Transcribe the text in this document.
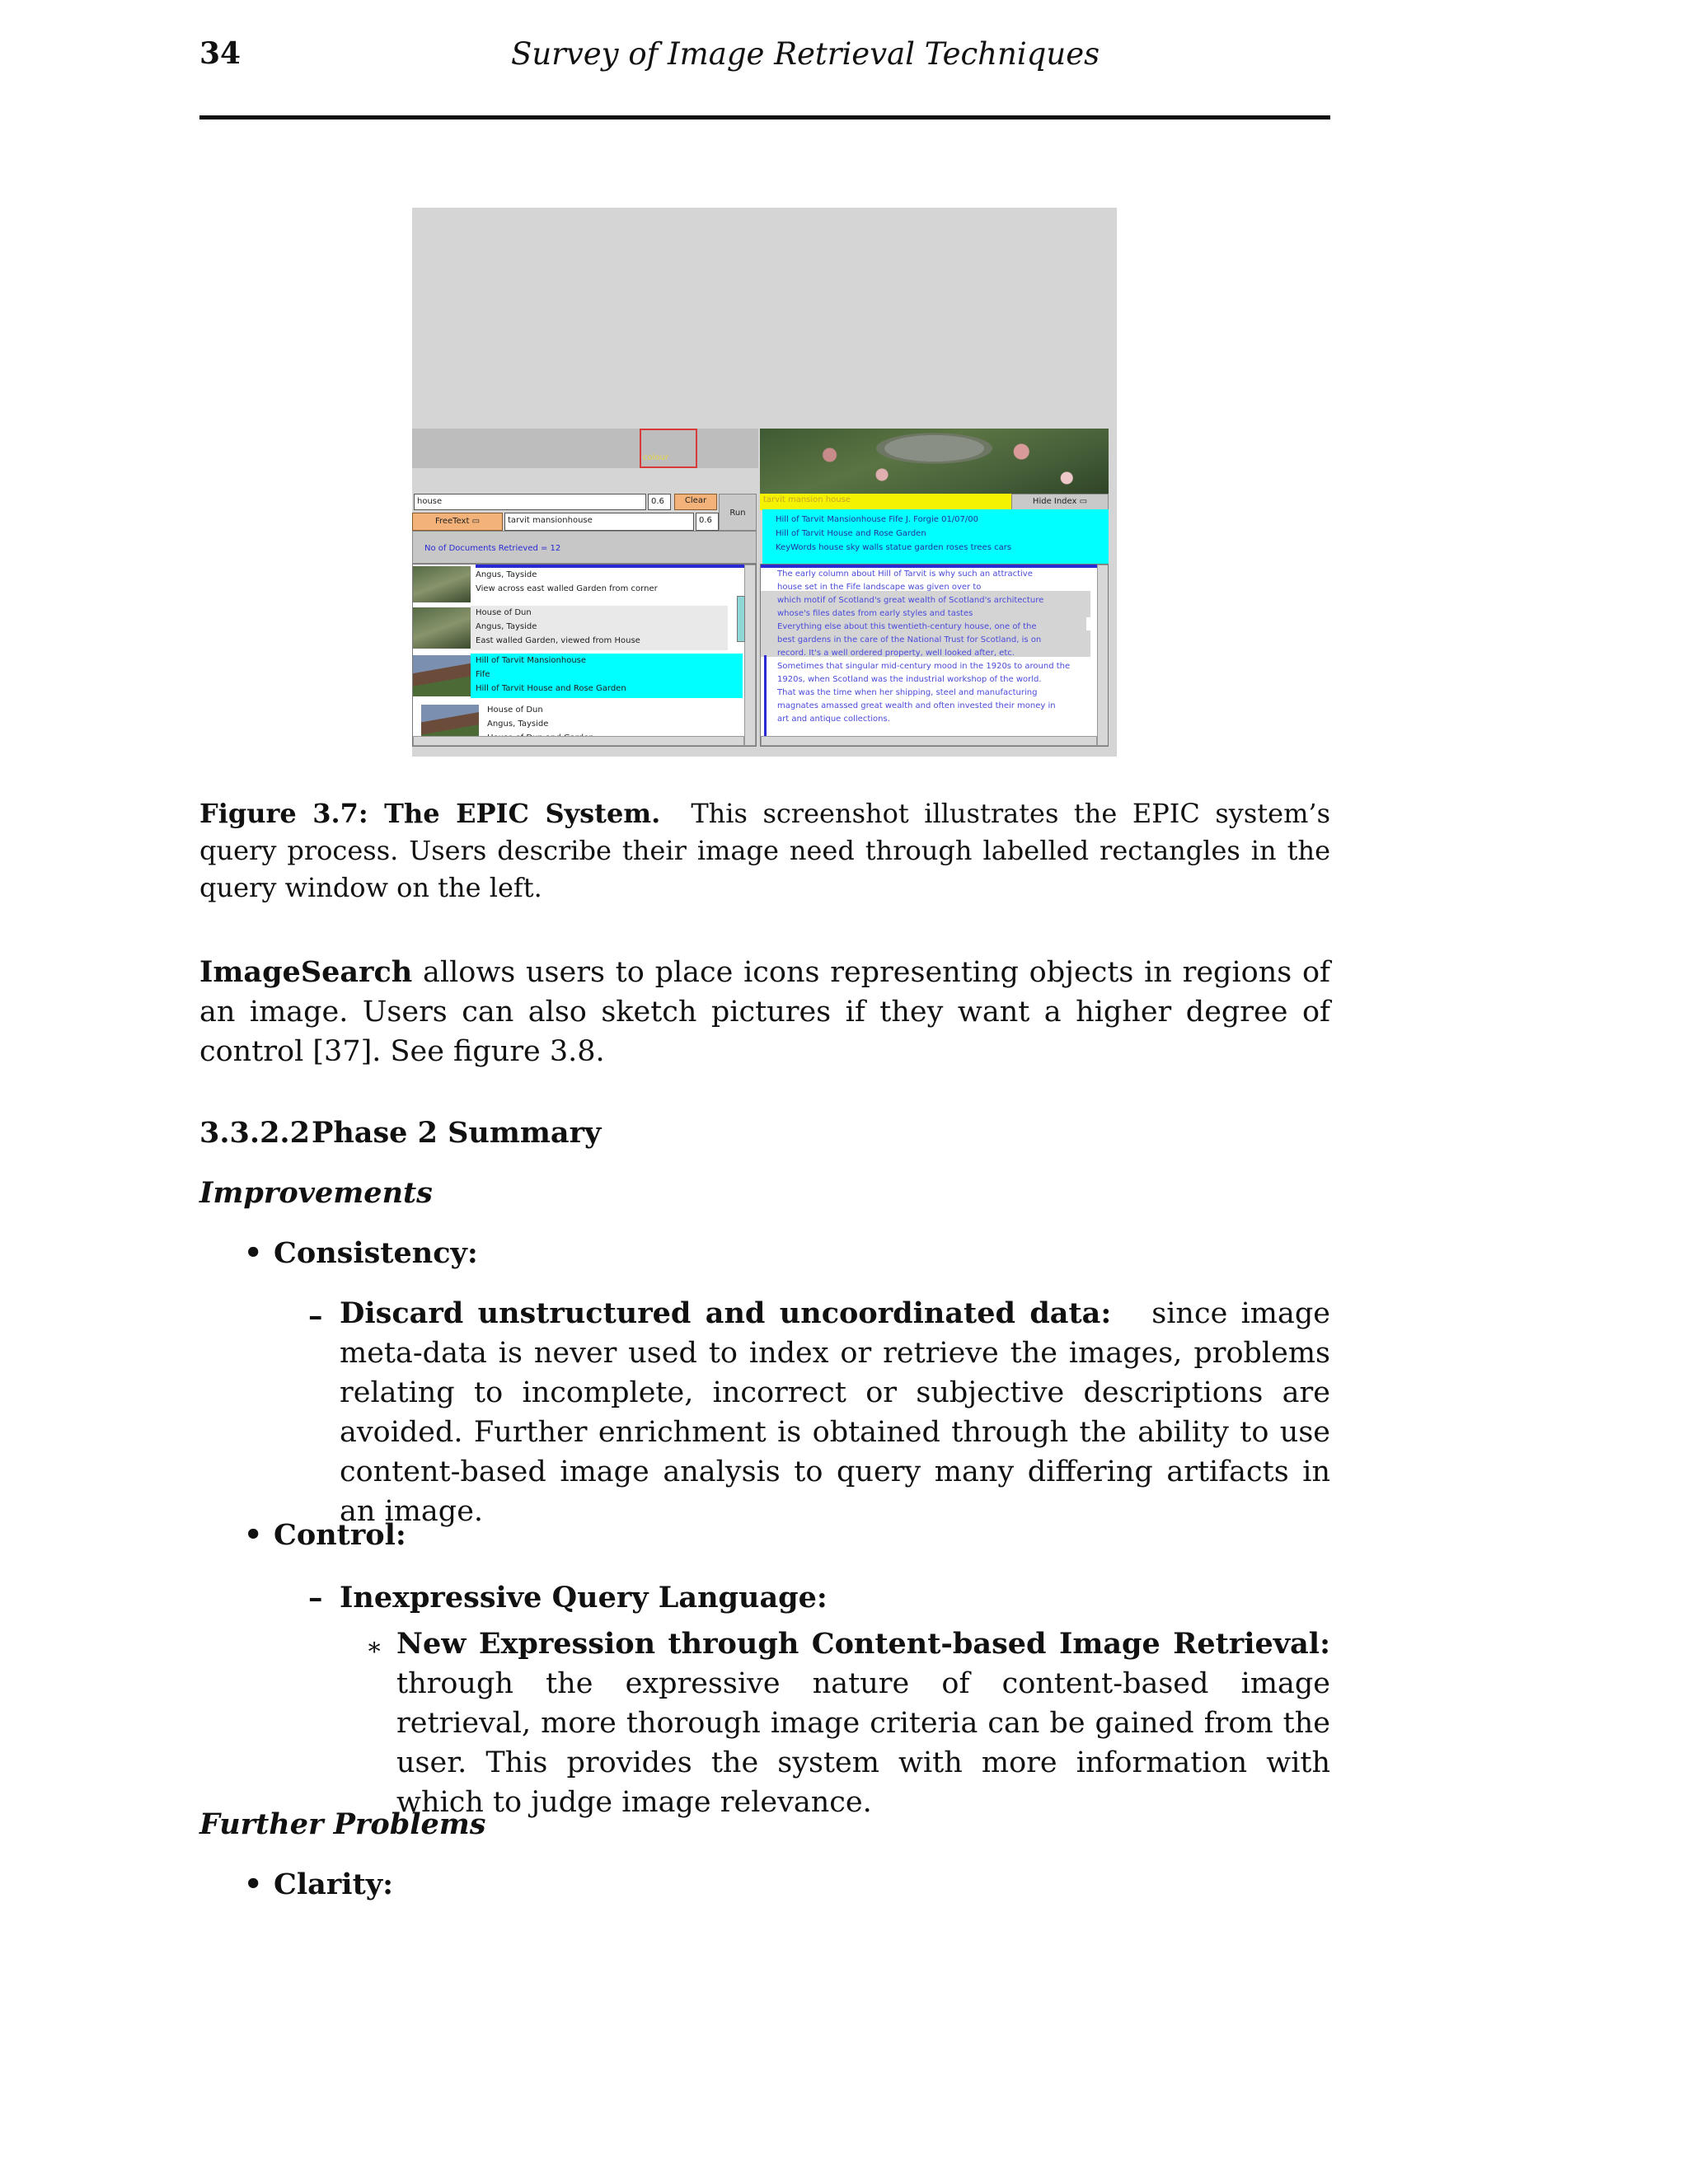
34	Survey of Image Retrieval Techniques
colour
house	0.6	Clear
Run
FreeText ▭	tarvit mansionhouse	0.6
No of Documents Retrieved = 12
tarvit mansion house	Hide Index ▭
Hill of Tarvit Mansionhouse Fife J. Forgie 01/07/00
Hill of Tarvit House and Rose Garden
KeyWords house sky walls statue garden roses trees cars
Angus, Tayside
View across east walled Garden from corner
House of Dun
Angus, Tayside
East walled Garden, viewed from House
Hill of Tarvit Mansionhouse
Fife
Hill of Tarvit House and Rose Garden
House of Dun
Angus, Tayside
The early column about Hill of Tarvit is why such an attractive
house set in the Fife landscape was given over to
which motif of Scotland's great wealth of Scotland's architecture
whose's files dates from early styles and tastes
Everything else about this twentieth-century house, one of the
best gardens in the care of the National Trust for Scotland, is on
record. It's a well ordered property, well looked after, etc.
Sometimes that singular mid-century mood in the 1920s to around the
1920s, when Scotland was the industrial workshop of the world.
That was the time when her shipping, steel and manufacturing
magnates amassed great wealth and often invested their money in
art and antique collections.
Figure 3.7: The EPIC System. This screenshot illustrates the EPIC system’s query process. Users describe their image need through labelled rectangles in the query window on the left.
ImageSearch allows users to place icons representing objects in regions of an image. Users can also sketch pictures if they want a higher degree of control [37]. See figure 3.8.
3.3.2.2Phase 2 Summary
Improvements
• Consistency:
– Discard unstructured and uncoordinated data: since image meta-data is never used to index or retrieve the images, problems relating to incomplete, incorrect or subjective descriptions are avoided. Further enrichment is obtained through the ability to use content-based image analysis to query many differing artifacts in an image.
• Control:
– Inexpressive Query Language:
∗ New Expression through Content-based Image Retrieval: through the expressive nature of content-based image retrieval, more thorough image criteria can be gained from the user. This provides the system with more information with which to judge image relevance.
Further Problems
• Clarity:
